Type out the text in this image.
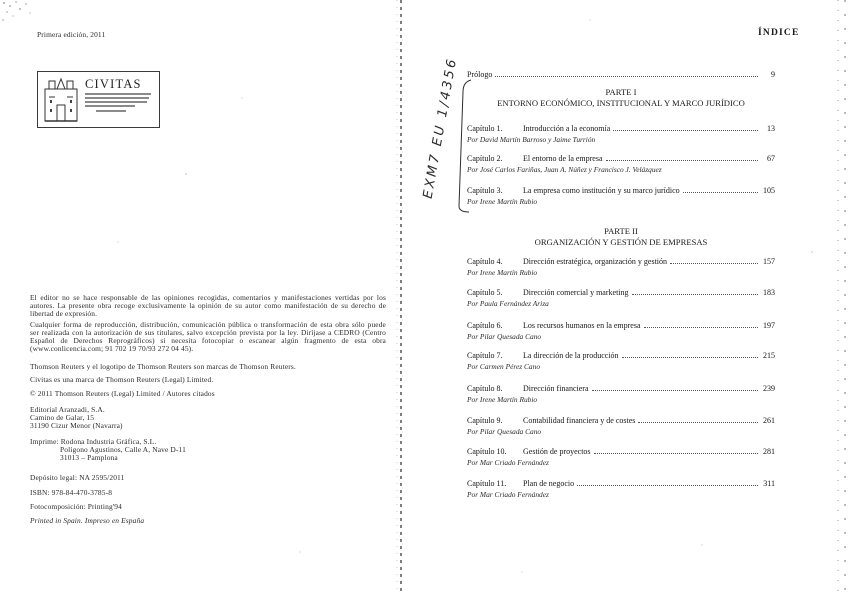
Primera edición, 2011
CIVITAS
El editor no se hace responsable de las opiniones recogidas, comentarios y manifestaciones vertidas por los autores. La presente obra recoge exclusivamente la opinión de su autor como manifestación de su derecho de libertad de expresión.
Cualquier forma de reproducción, distribución, comunicación pública o transformación de esta obra sólo puede ser realizada con la autorización de sus titulares, salvo excepción prevista por la ley. Diríjase a CEDRO (Centro Español de Derechos Reprográficos) si necesita fotocopiar o escanear algún fragmento de esta obra (www.conlicencia.com; 91 702 19 70/93 272 04 45).
Thomson Reuters y el logotipo de Thomson Reuters son marcas de Thomson Reuters.
Civitas es una marca de Thomson Reuters (Legal) Limited.
© 2011 Thomson Reuters (Legal) Limited / Autores citados
Editorial Aranzadi, S.A.
Camino de Galar, 15
31190 Cizur Menor (Navarra)
Imprime: Rodona Industria Gráfica, S.L.
Polígono Agustinos, Calle A, Nave D-11
31013 – Pamplona
Depósito legal: NA 2595/2011
ISBN: 978-84-470-3785-8
Fotocomposición: Printing'94
Printed in Spain. Impreso en España
EXM7 EU 1/4356
ÍNDICE
Prólogo	9
PARTE I
ENTORNO ECONÓMICO, INSTITUCIONAL Y MARCO JURÍDICO
Capítulo 1.	Introducción a la economía	13
Por David Martín Barroso y Jaime Turrión
Capítulo 2.	El entorno de la empresa	67
Por José Carlos Fariñas, Juan A. Núñez y Francisco J. Velázquez
Capítulo 3.	La empresa como institución y su marco jurídico	105
Por Irene Martín Rubio
PARTE II
ORGANIZACIÓN Y GESTIÓN DE EMPRESAS
Capítulo 4.	Dirección estratégica, organización y gestión	157
Por Irene Martín Rubio
Capítulo 5.	Dirección comercial y marketing	183
Por Paula Fernández Ariza
Capítulo 6.	Los recursos humanos en la empresa	197
Por Pilar Quesada Cano
Capítulo 7.	La dirección de la producción	215
Por Carmen Pérez Cano
Capítulo 8.	Dirección financiera	239
Por Irene Martín Rubio
Capítulo 9.	Contabilidad financiera y de costes	261
Por Pilar Quesada Cano
Capítulo 10.	Gestión de proyectos	281
Por Mar Criado Fernández
Capítulo 11.	Plan de negocio	311
Por Mar Criado Fernández
